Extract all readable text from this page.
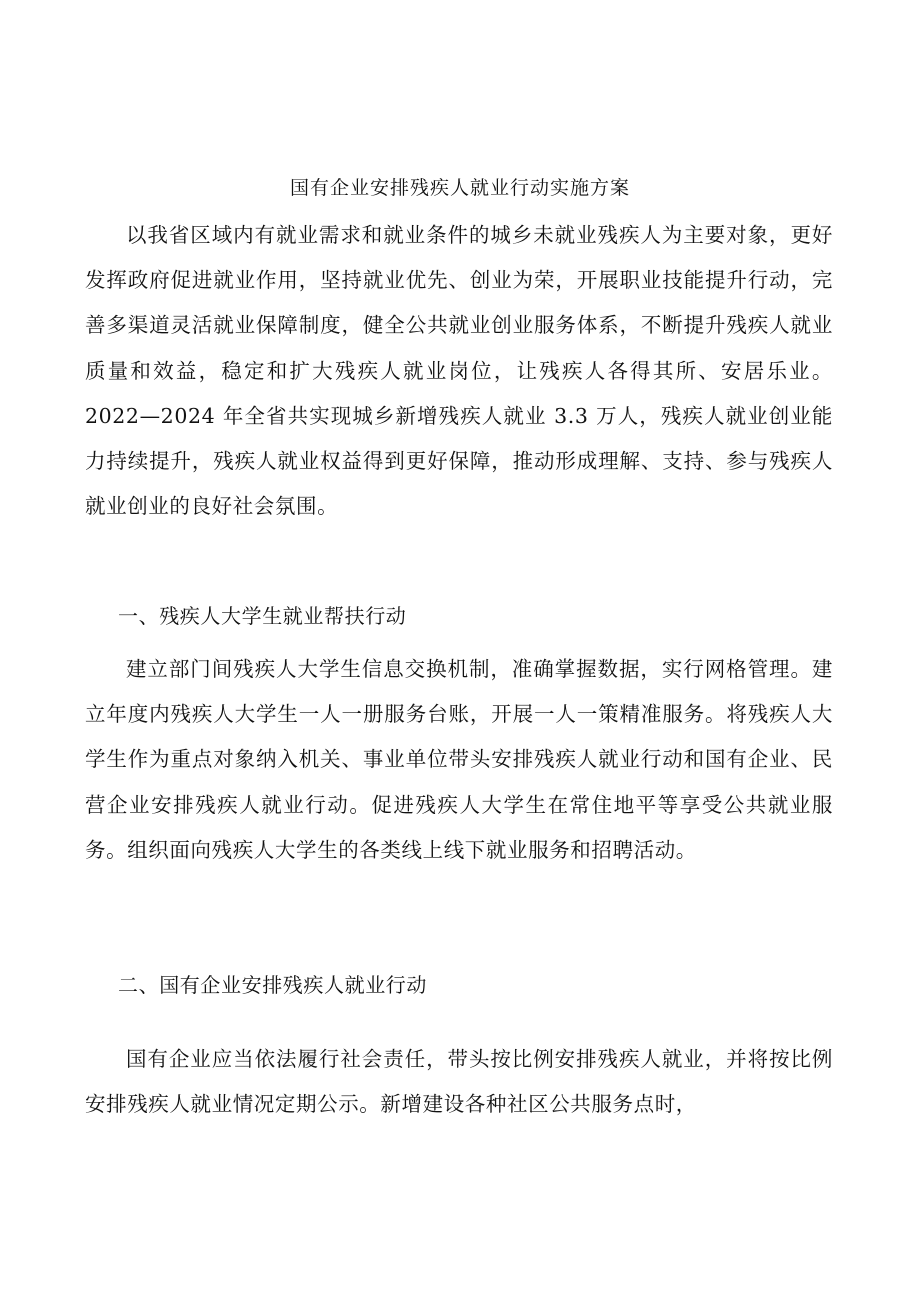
国有企业安排残疾人就业行动实施方案

以我省区域内有就业需求和就业条件的城乡未就业残疾人为主要对象，更好发挥政府促进就业作用，坚持就业优先、创业为荣，开展职业技能提升行动，完善多渠道灵活就业保障制度，健全公共就业创业服务体系，不断提升残疾人就业质量和效益，稳定和扩大残疾人就业岗位，让残疾人各得其所、安居乐业。2022—2024 年全省共实现城乡新增残疾人就业 3.3 万人，残疾人就业创业能力持续提升，残疾人就业权益得到更好保障，推动形成理解、支持、参与残疾人就业创业的良好社会氛围。

一、残疾人大学生就业帮扶行动

建立部门间残疾人大学生信息交换机制，准确掌握数据，实行网格管理。建立年度内残疾人大学生一人一册服务台账，开展一人一策精准服务。将残疾人大学生作为重点对象纳入机关、事业单位带头安排残疾人就业行动和国有企业、民营企业安排残疾人就业行动。促进残疾人大学生在常住地平等享受公共就业服务。组织面向残疾人大学生的各类线上线下就业服务和招聘活动。

二、国有企业安排残疾人就业行动

国有企业应当依法履行社会责任，带头按比例安排残疾人就业，并将按比例安排残疾人就业情况定期公示。新增建设各种社区公共服务点时，
